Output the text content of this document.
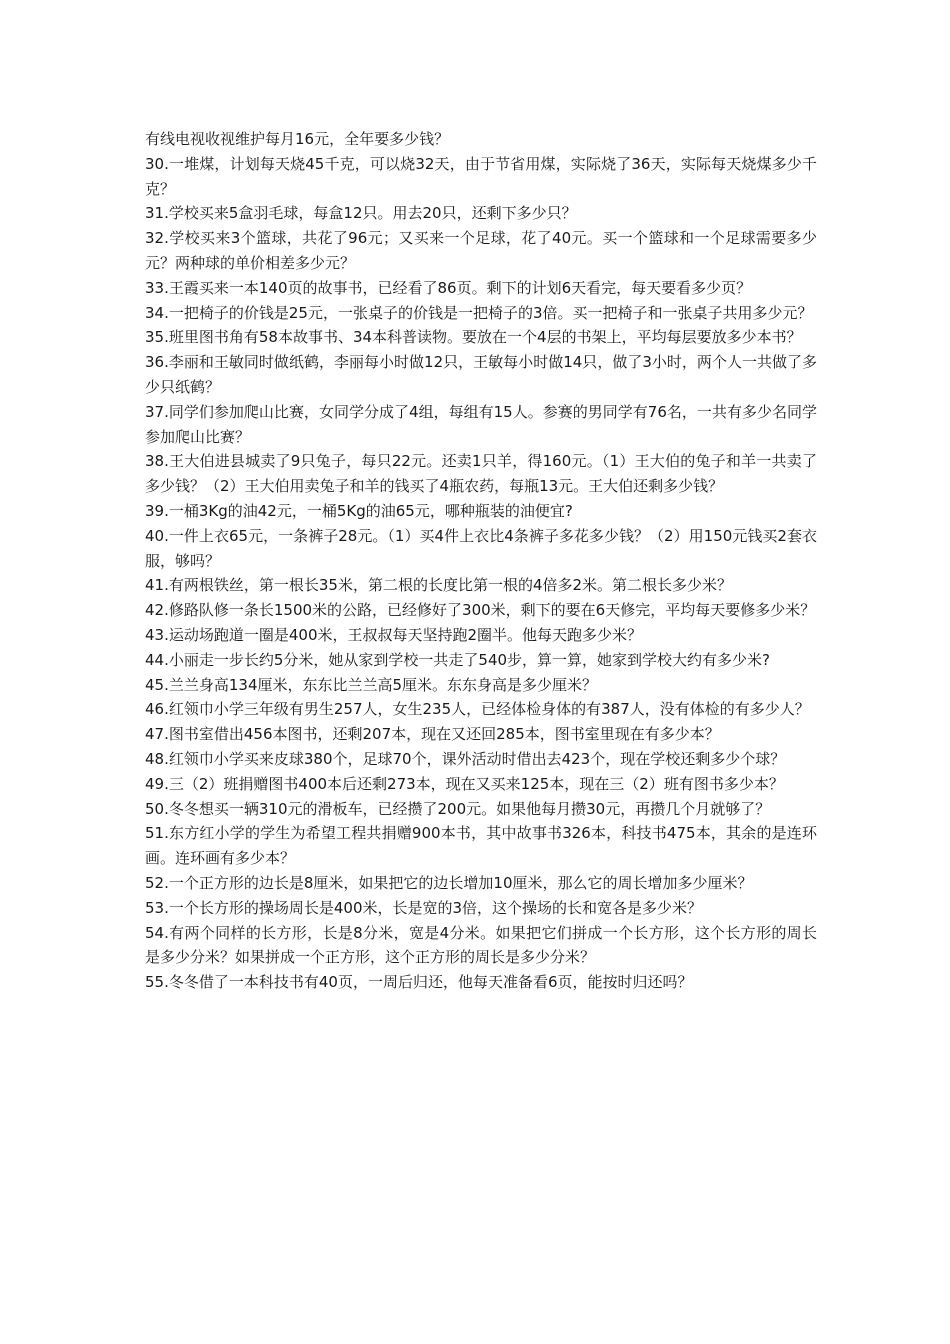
有线电视收视维护每月16元，全年要多少钱？

30.一堆煤，计划每天烧45千克，可以烧32天，由于节省用煤，实际烧了36天，实际每天烧煤多少千克？

31.学校买来5盒羽毛球，每盒12只。用去20只，还剩下多少只？

32.学校买来3个篮球，共花了96元；又买来一个足球，花了40元。买一个篮球和一个足球需要多少元？两种球的单价相差多少元？

33.王霞买来一本140页的故事书，已经看了86页。剩下的计划6天看完，每天要看多少页？

34.一把椅子的价钱是25元，一张桌子的价钱是一把椅子的3倍。买一把椅子和一张桌子共用多少元？

35.班里图书角有58本故事书、34本科普读物。要放在一个4层的书架上，平均每层要放多少本书？

36.李丽和王敏同时做纸鹤，李丽每小时做12只，王敏每小时做14只，做了3小时，两个人一共做了多少只纸鹤？

37.同学们参加爬山比赛，女同学分成了4组，每组有15人。参赛的男同学有76名，一共有多少名同学参加爬山比赛？

38.王大伯进县城卖了9只兔子，每只22元。还卖1只羊，得160元。（1）王大伯的兔子和羊一共卖了多少钱？（2）王大伯用卖兔子和羊的钱买了4瓶农药，每瓶13元。王大伯还剩多少钱？

39.一桶3Kg的油42元，一桶5Kg的油65元，哪种瓶装的油便宜?

40.一件上衣65元，一条裤子28元。（1）买4件上衣比4条裤子多花多少钱？（2）用150元钱买2套衣服，够吗？

41.有两根铁丝，第一根长35米，第二根的长度比第一根的4倍多2米。第二根长多少米？

42.修路队修一条长1500米的公路，已经修好了300米，剩下的要在6天修完，平均每天要修多少米？

43.运动场跑道一圈是400米，王叔叔每天坚持跑2圈半。他每天跑多少米？

44.小丽走一步长约5分米，她从家到学校一共走了540步，算一算，她家到学校大约有多少米?

45.兰兰身高134厘米，东东比兰兰高5厘米。东东身高是多少厘米？

46.红领巾小学三年级有男生257人，女生235人，已经体检身体的有387人，没有体检的有多少人？

47.图书室借出456本图书，还剩207本，现在又还回285本，图书室里现在有多少本？

48.红领巾小学买来皮球380个，足球70个，课外活动时借出去423个，现在学校还剩多少个球？

49.三（2）班捐赠图书400本后还剩273本，现在又买来125本，现在三（2）班有图书多少本？

50.冬冬想买一辆310元的滑板车，已经攒了200元。如果他每月攒30元，再攒几个月就够了？

51.东方红小学的学生为希望工程共捐赠900本书，其中故事书326本，科技书475本，其余的是连环画。连环画有多少本？

52.一个正方形的边长是8厘米，如果把它的边长增加10厘米，那么它的周长增加多少厘米？

53.一个长方形的操场周长是400米，长是宽的3倍，这个操场的长和宽各是多少米？

54.有两个同样的长方形，长是8分米，宽是4分米。如果把它们拼成一个长方形，这个长方形的周长是多少分米？如果拼成一个正方形，这个正方形的周长是多少分米？

55.冬冬借了一本科技书有40页，一周后归还，他每天准备看6页，能按时归还吗？
